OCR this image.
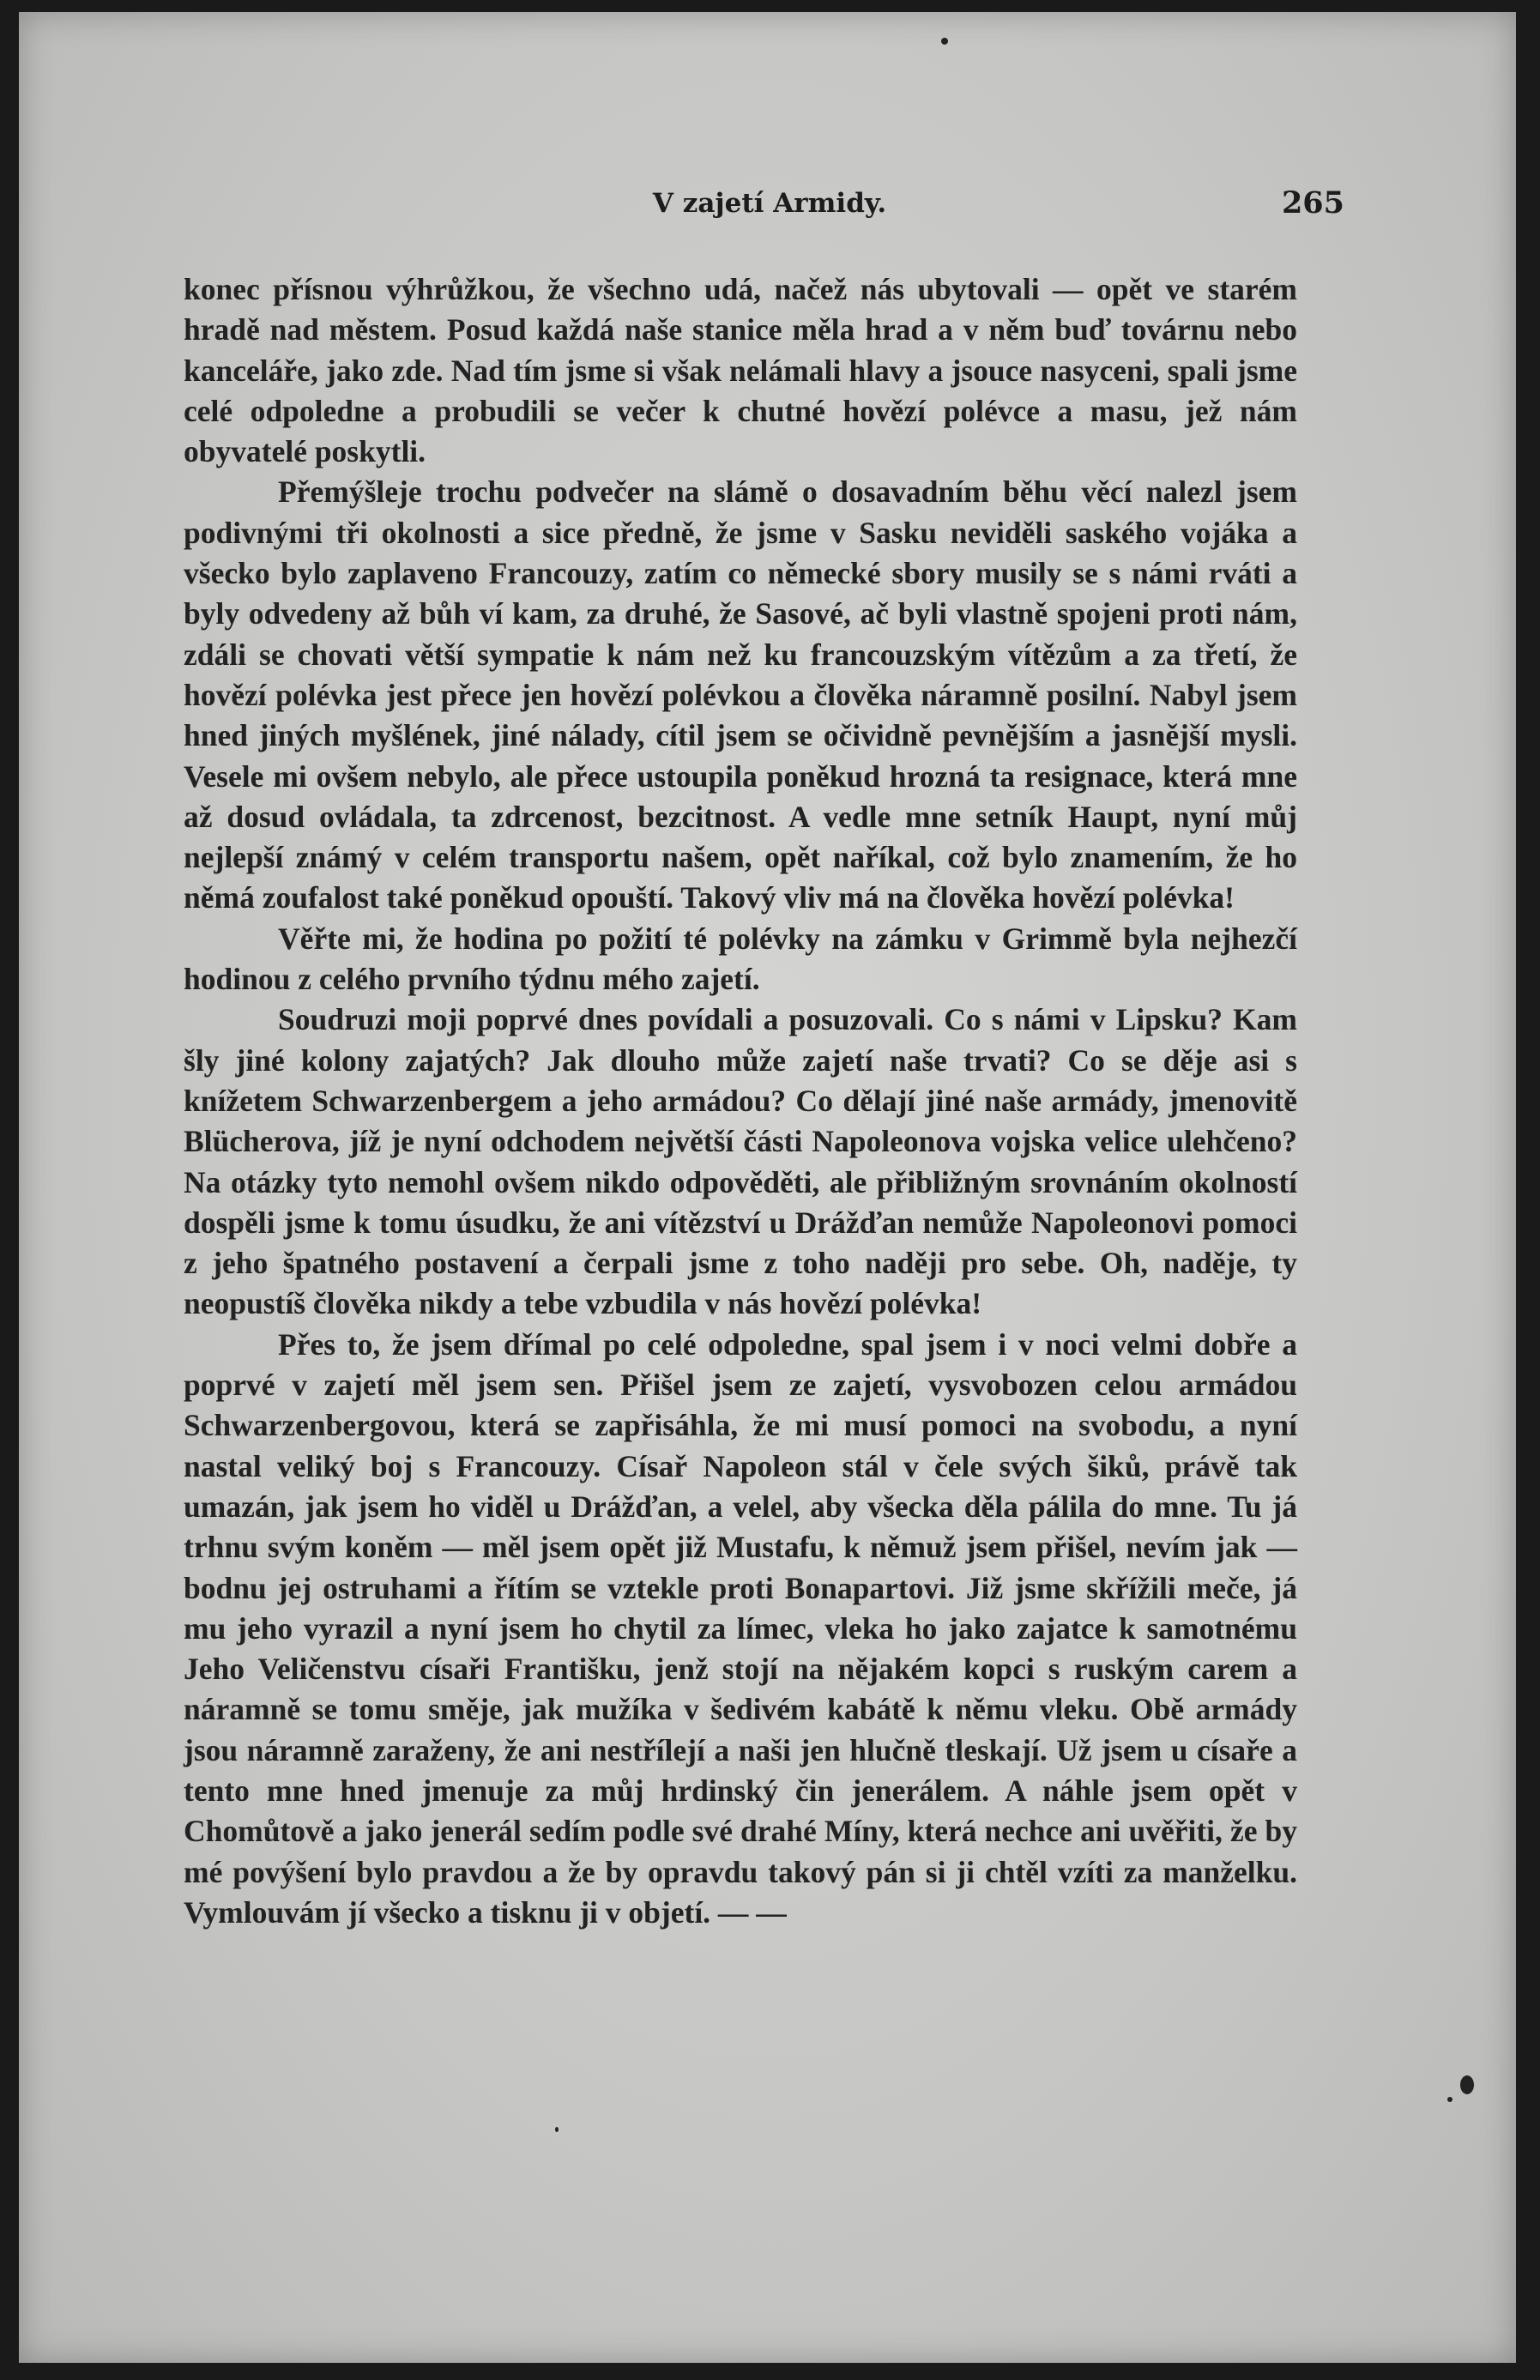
V zajetí Armidy.	265

konec přísnou výhrůžkou, že všechno udá, načež nás ubytovali — opět ve starém hradě nad městem. Posud každá naše stanice měla hrad a v něm buď továrnu nebo kanceláře, jako zde. Nad tím jsme si však nelámali hlavy a jsouce nasyceni, spali jsme celé odpoledne a probudili se večer k chutné hovězí polévce a masu, jež nám obyvatelé poskytli.

Přemýšleje trochu podvečer na slámě o dosavadním běhu věcí nalezl jsem podivnými tři okolnosti a sice předně, že jsme v Sasku neviděli saského vojáka a všecko bylo zaplaveno Francouzy, zatím co německé sbory musily se s námi rváti a byly odvedeny až bůh ví kam, za druhé, že Sasové, ač byli vlastně spojeni proti nám, zdáli se chovati větší sympatie k nám než ku francouzským vítězům a za třetí, že hovězí polévka jest přece jen hovězí polévkou a člověka náramně posilní. Nabyl jsem hned jiných myšlének, jiné nálady, cítil jsem se očividně pevnějším a jasnější mysli. Vesele mi ovšem nebylo, ale přece ustoupila poněkud hrozná ta resignace, která mne až dosud ovládala, ta zdrcenost, bezcitnost. A vedle mne setník Haupt, nyní můj nejlepší známý v celém transportu našem, opět naříkal, což bylo znamením, že ho němá zoufalost také poněkud opouští. Takový vliv má na člověka hovězí polévka!

Věřte mi, že hodina po požití té polévky na zámku v Grimmě byla nejhezčí hodinou z celého prvního týdnu mého zajetí.

Soudruzi moji poprvé dnes povídali a posuzovali. Co s námi v Lipsku? Kam šly jiné kolony zajatých? Jak dlouho může zajetí naše trvati? Co se děje asi s knížetem Schwarzenbergem a jeho armádou? Co dělají jiné naše armády, jmenovitě Blücherova, jíž je nyní odchodem největší části Napoleonova vojska velice ulehčeno? Na otázky tyto nemohl ovšem nikdo odpověděti, ale přibližným srovnáním okolností dospěli jsme k tomu úsudku, že ani vítězství u Drážďan nemůže Napoleonovi pomoci z jeho špatného postavení a čerpali jsme z toho naději pro sebe. Oh, naděje, ty neopustíš člověka nikdy a tebe vzbudila v nás hovězí polévka!

Přes to, že jsem dřímal po celé odpoledne, spal jsem i v noci velmi dobře a poprvé v zajetí měl jsem sen. Přišel jsem ze zajetí, vysvobozen celou armádou Schwarzenbergovou, která se zapřisáhla, že mi musí pomoci na svobodu, a nyní nastal veliký boj s Francouzy. Císař Napoleon stál v čele svých šiků, právě tak umazán, jak jsem ho viděl u Drážďan, a velel, aby všecka děla pálila do mne. Tu já trhnu svým koněm — měl jsem opět již Mustafu, k němuž jsem přišel, nevím jak — bodnu jej ostruhami a řítím se vztekle proti Bonapartovi. Již jsme skřížili meče, já mu jeho vyrazil a nyní jsem ho chytil za límec, vleka ho jako zajatce k samotnému Jeho Veličenstvu císaři Františku, jenž stojí na nějakém kopci s ruským carem a náramně se tomu směje, jak mužíka v šedivém kabátě k němu vleku. Obě armády jsou náramně zaraženy, že ani nestřílejí a naši jen hlučně tleskají. Už jsem u císaře a tento mne hned jmenuje za můj hrdinský čin jenerálem. A náhle jsem opět v Chomůtově a jako jenerál sedím podle své drahé Míny, která nechce ani uvěřiti, že by mé povýšení bylo pravdou a že by opravdu takový pán si ji chtěl vzíti za manželku. Vymlouvám jí všecko a tisknu ji v objetí. — —
